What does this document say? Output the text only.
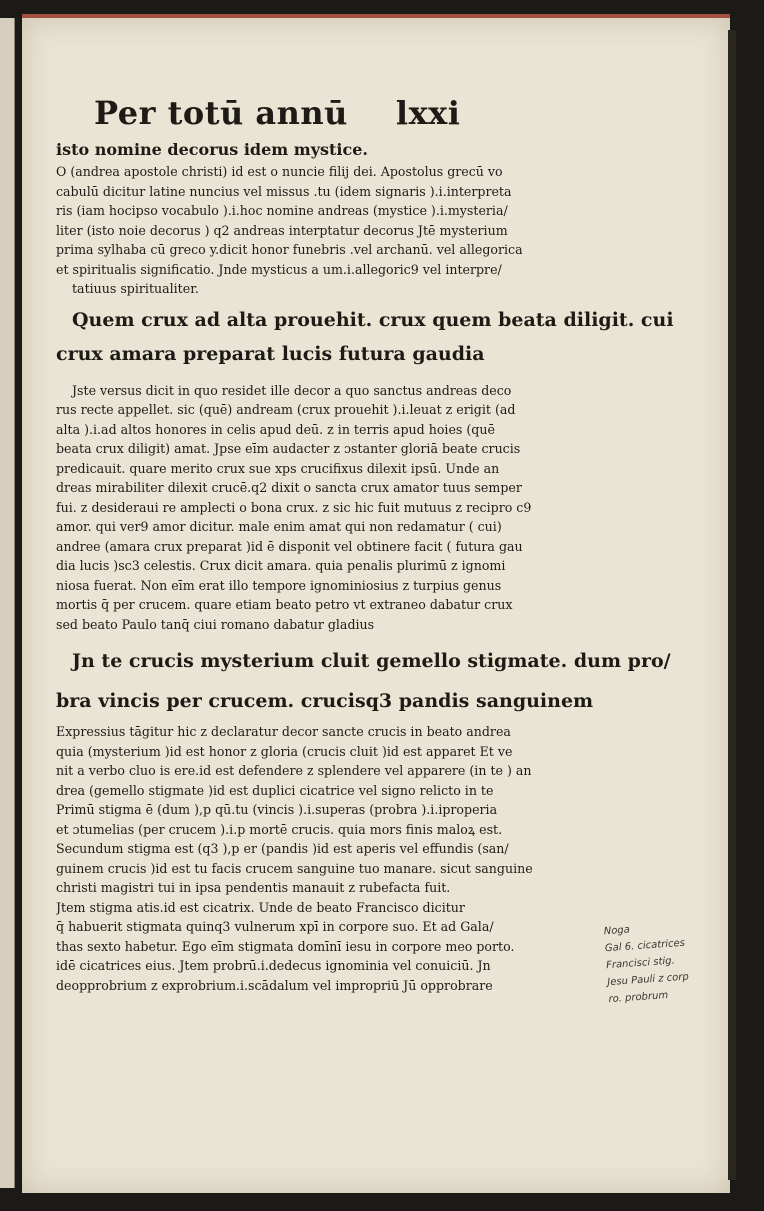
Per totū annū lxxi
isto nomine decorus idem mystice.
O (andrea apostole christi) id est o nuncie filij dei. Apostolus grecū vo
cabulū dicitur latine nuncius vel missus .tu (idem signaris ).i.interpreta
ris (iam hocipso vocabulo ).i.hoc nomine andreas (mystice ).i.mysteria/
liter (isto noie decorus ) q2 andreas interptatur decorus Jtē mysterium
prima sylhaba cū greco y.dicit honor funebris .vel archanū. vel allegorica
et spiritualis significatio. Jnde mysticus a um.i.allegoric9 vel interpre/
tatiuus spiritualiter.
Quem crux ad alta prouehit. crux quem beata diligit. cui
crux amara preparat lucis futura gaudia
Jste versus dicit in quo residet ille decor a quo sanctus andreas deco
rus recte appellet. sic (quē) andream (crux prouehit ).i.leuat z erigit (ad
alta ).i.ad altos honores in celis apud deū. z in terris apud hoies (quē
beata crux diligit) amat. Jpse eīm audacter z ɔstanter gloriā beate crucis
predicauit. quare merito crux sue xps crucifixus dilexit ipsū. Unde an
dreas mirabiliter dilexit crucē.q2 dixit o sancta crux amator tuus semper
fui. z desideraui re amplecti o bona crux. z sic hic fuit mutuus z recipro c9
amor. qui ver9 amor dicitur. male enim amat qui non redamatur ( cui)
andree (amara crux preparat )id ē disponit vel obtinere facit ( futura gau
dia lucis )sc3 celestis. Crux dicit amara. quia penalis plurimū z ignomi
niosa fuerat. Non eīm erat illo tempore ignominiosius z turpius genus
mortis q̄ per crucem. quare etiam beato petro vt extraneo dabatur crux
sed beato Paulo tanq̄ ciui romano dabatur gladius
Jn te crucis mysterium cluit gemello stigmate. dum pro/
bra vincis per crucem. crucisq3 pandis sanguinem
Expressius tāgitur hic z declaratur decor sancte crucis in beato andrea
quia (mysterium )id est honor z gloria (crucis cluit )id est apparet Et ve
nit a verbo cluo is ere.id est defendere z splendere vel apparere (in te ) an
drea (gemello stigmate )id est duplici cicatrice vel signo relicto in te
Primū stigma ē (dum ),p qū.tu (vincis ).i.superas (probra ).i.iproperia
et ɔtumelias (per crucem ).i.p mortē crucis. quia mors finis maloꝝ est.
Secundum stigma est (q3 ),p er (pandis )id est aperis vel effundis (san/
guinem crucis )id est tu facis crucem sanguine tuo manare. sicut sanguine
christi magistri tui in ipsa pendentis manauit z rubefacta fuit.
Jtem stigma atis.id est cicatrix. Unde de beato Francisco dicitur
q̄ habuerit stigmata quinq3 vulnerum xpī in corpore suo. Et ad Gala/
thas sexto habetur. Ego eīm stigmata domīnī iesu in corpore meo porto.
idē cicatrices eius. Jtem probrū.i.dedecus ignominia vel conuiciū. Jn
deopprobrium z exprobrium.i.scādalum vel impropriū Jū opprobrare
Noga
Gal 6. cicatrices
Francisci stig.
Jesu Pauli z corp
ro. probrum
